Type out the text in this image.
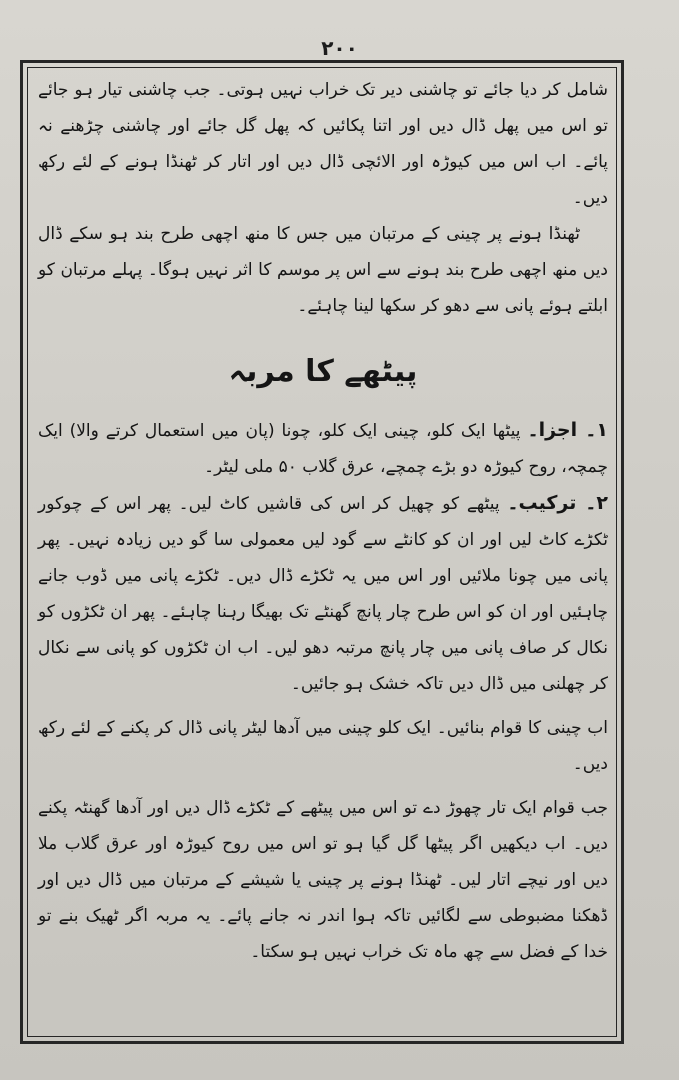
۲۰۰

شامل کر دیا جائے تو چاشنی دیر تک خراب نہیں ہوتی۔ جب چاشنی تیار ہو جائے تو اس میں پھل ڈال دیں اور اتنا پکائیں کہ پھل گل جائے اور چاشنی چڑھنے نہ پائے۔ اب اس میں کیوڑہ اور الائچی ڈال دیں اور اتار کر ٹھنڈا ہونے کے لئے رکھ دیں۔

ٹھنڈا ہونے پر چینی کے مرتبان میں جس کا منھ اچھی طرح بند ہو سکے ڈال دیں منھ اچھی طرح بند ہونے سے اس پر موسم کا اثر نہیں ہوگا۔ پہلے مرتبان کو ابلتے ہوئے پانی سے دھو کر سکھا لینا چاہئے۔

پیٹھے کا مربہ

۱۔ اجزا۔ پیٹھا ایک کلو، چینی ایک کلو، چونا (پان میں استعمال کرتے والا) ایک چمچہ، روح کیوڑہ دو بڑے چمچے، عرق گلاب ۵۰ ملی لیٹر۔

۲۔ ترکیب۔ پیٹھے کو چھیل کر اس کی قاشیں کاٹ لیں۔ پھر اس کے چوکور ٹکڑے کاٹ لیں اور ان کو کانٹے سے گود لیں معمولی سا گو دیں زیادہ نہیں۔ پھر پانی میں چونا ملائیں اور اس میں یہ ٹکڑے ڈال دیں۔ ٹکڑے پانی میں ڈوب جانے چاہئیں اور ان کو اس طرح چار پانچ گھنٹے تک بھیگا رہنا چاہئے۔ پھر ان ٹکڑوں کو نکال کر صاف پانی میں چار پانچ مرتبہ دھو لیں۔ اب ان ٹکڑوں کو پانی سے نکال کر چھلنی میں ڈال دیں تاکہ خشک ہو جائیں۔

اب چینی کا قوام بنائیں۔ ایک کلو چینی میں آدھا لیٹر پانی ڈال کر پکنے کے لئے رکھ دیں۔

جب قوام ایک تار چھوڑ دے تو اس میں پیٹھے کے ٹکڑے ڈال دیں اور آدھا گھنٹہ پکنے دیں۔ اب دیکھیں اگر پیٹھا گل گیا ہو تو اس میں روح کیوڑہ اور عرق گلاب ملا دیں اور نیچے اتار لیں۔ ٹھنڈا ہونے پر چینی یا شیشے کے مرتبان میں ڈال دیں اور ڈھکنا مضبوطی سے لگائیں تاکہ ہوا اندر نہ جانے پائے۔ یہ مربہ اگر ٹھیک بنے تو خدا کے فضل سے چھ ماہ تک خراب نہیں ہو سکتا۔
